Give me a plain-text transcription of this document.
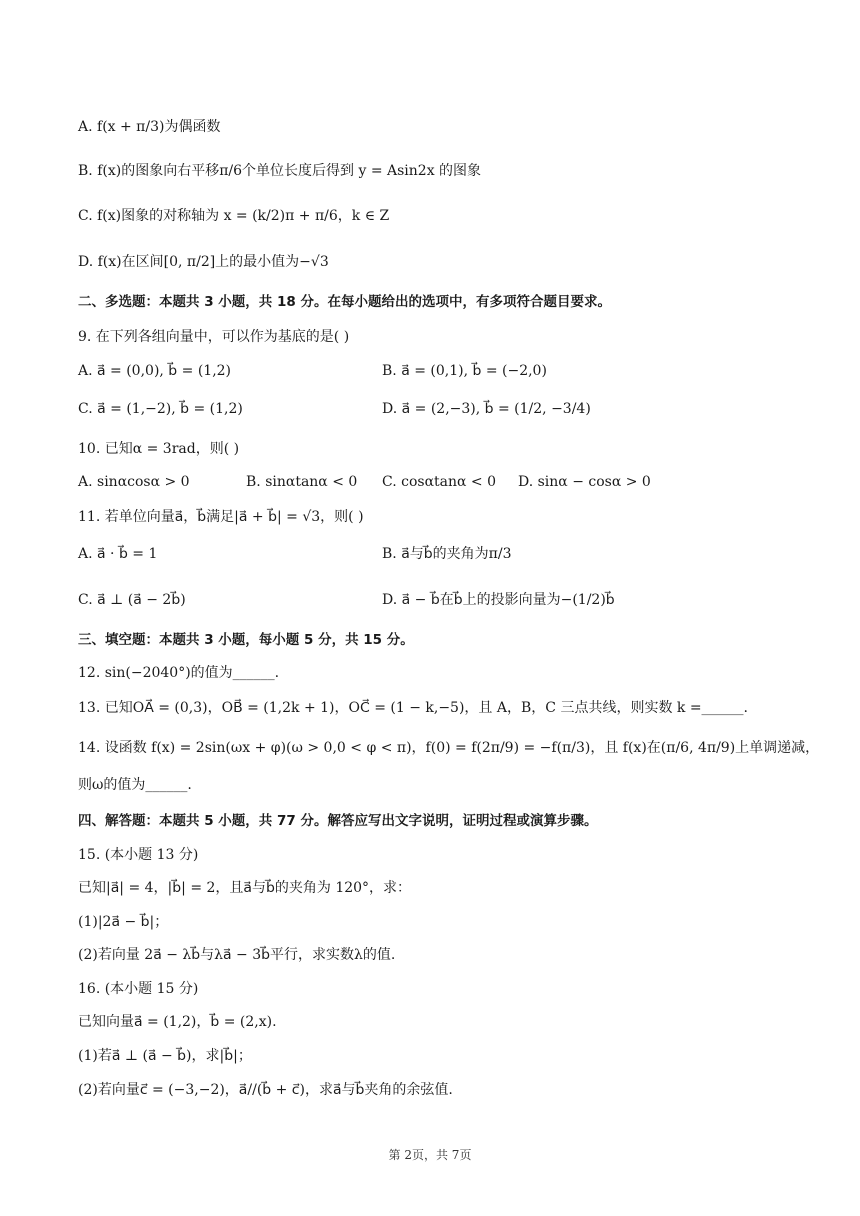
A. f(x + π/3)为偶函数
B. f(x)的图象向右平移π/6个单位长度后得到 y = Asin2x 的图象
C. f(x)图象的对称轴为 x = (k/2)π + π/6，k ∈ Z
D. f(x)在区间[0, π/2]上的最小值为−√3
二、多选题：本题共 3 小题，共 18 分。在每小题给出的选项中，有多项符合题目要求。
9. 在下列各组向量中，可以作为基底的是( )
A. a⃗ = (0,0), b⃗ = (1,2)	B. a⃗ = (0,1), b⃗ = (−2,0)
C. a⃗ = (1,−2), b⃗ = (1,2)	D. a⃗ = (2,−3), b⃗ = (1/2, −3/4)
10. 已知α = 3rad，则( )
A. sinαcosα > 0	B. sinαtanα < 0 C. cosαtanα < 0 D. sinα − cosα > 0
11. 若单位向量a⃗，b⃗满足|a⃗ + b⃗| = √3，则( )
A. a⃗ · b⃗ = 1	B. a⃗与b⃗的夹角为π/3
C. a⃗ ⊥ (a⃗ − 2b⃗)	D. a⃗ − b⃗在b⃗上的投影向量为−(1/2)b⃗
三、填空题：本题共 3 小题，每小题 5 分，共 15 分。
12. sin(−2040°)的值为______.
13. 已知OA⃗ = (0,3)，OB⃗ = (1,2k + 1)，OC⃗ = (1 − k,−5)，且 A，B，C 三点共线，则实数 k =______.
14. 设函数 f(x) = 2sin(ωx + φ)(ω > 0,0 < φ < π)，f(0) = f(2π/9) = −f(π/3)，且 f(x)在(π/6, 4π/9)上单调递减，
则ω的值为______.
四、解答题：本题共 5 小题，共 77 分。解答应写出文字说明，证明过程或演算步骤。
15. (本小题 13 分)
已知|a⃗| = 4，|b⃗| = 2，且a⃗与b⃗的夹角为 120°，求：
(1)|2a⃗ − b⃗|；
(2)若向量 2a⃗ − λb⃗与λa⃗ − 3b⃗平行，求实数λ的值.
16. (本小题 15 分)
已知向量a⃗ = (1,2)，b⃗ = (2,x).
(1)若a⃗ ⊥ (a⃗ − b⃗)，求|b⃗|；
(2)若向量c⃗ = (−3,−2)，a⃗//(b⃗ + c⃗)，求a⃗与b⃗夹角的余弦值.
第 2页，共 7页
